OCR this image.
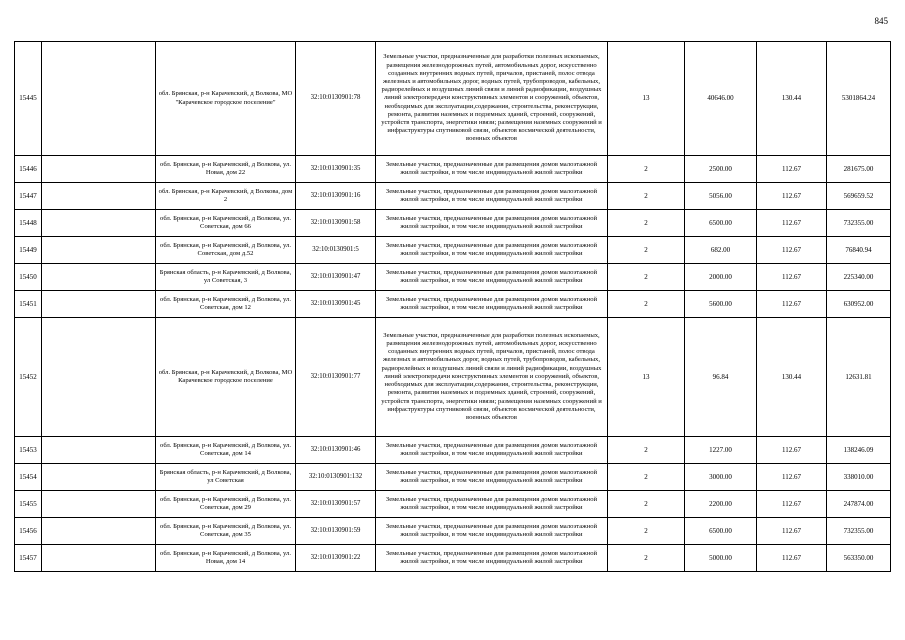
845
15445		обл. Брянская, р-н Карачевский, д Волкова, МО "Карачевское городское поселение"	32:10:0130901:78	Земельные участки, предназначенные для разработки полезных ископаемых, размещения железнодорожных путей, автомобильных дорог, искусственно созданных внутренних водных путей, причалов, пристаней, полос отвода железных и автомобильных дорог, водных путей, трубопроводов, кабельных, радиорелейных и воздушных линий связи и линий радиофикации, воздушных линий электропередачи конструктивных элементов и сооружений, объектов, необходимых для эксплуатации,содержания, строительства, реконструкции, ремонта, развития наземных и подземных зданий, строений, сооружений, устройств транспорта, энергетики нвязи; размещения наземных сооружений и инфраструктуры спутниковой связи, объектов космической деятельности, военных объектов	13	40646.00	130.44	5301864.24
15446		обл. Брянская, р-н Карачевский, д Волкова, ул. Новая, дом 22	32:10:0130901:35	Земельные участки, предназначенные для размещения домов малоэтажной жилой застройки, в том числе индивидуальной жилой застройки	2	2500.00	112.67	281675.00
15447		обл. Брянская, р-н Карачевский, д Волкова, дом 2	32:10:0130901:16	Земельные участки, предназначенные для размещения домов малоэтажной жилой застройки, в том числе индивидуальной жилой застройки	2	5056.00	112.67	569659.52
15448		обл. Брянская, р-н Карачевский, д Волкова, ул. Советская, дом 66	32:10:0130901:58	Земельные участки, предназначенные для размещения домов малоэтажной жилой застройки, в том числе индивидуальной жилой застройки	2	6500.00	112.67	732355.00
15449		обл. Брянская, р-н Карачевский, д Волкова, ул. Советская, дом д.52	32:10:0130901:5	Земельные участки, предназначенные для размещения домов малоэтажной жилой застройки, в том числе индивидуальной жилой застройки	2	682.00	112.67	76840.94
15450		Брянская область, р-н Карачевский, д Волкова, ул Советская, 3	32:10:0130901:47	Земельные участки, предназначенные для размещения домов малоэтажной жилой застройки, в том числе индивидуальной жилой застройки	2	2000.00	112.67	225340.00
15451		обл. Брянская, р-н Карачевский, д Волкова, ул. Советская, дом 12	32:10:0130901:45	Земельные участки, предназначенные для размещения домов малоэтажной жилой застройки, в том числе индивидуальной жилой застройки	2	5600.00	112.67	630952.00
15452		обл. Брянская, р-н Карачевский, д Волкова, МО Карачевское городское поселение	32:10:0130901:77	Земельные участки, предназначенные для разработки полезных ископаемых, размещения железнодорожных путей, автомобильных дорог, искусственно созданных внутренних водных путей, причалов, пристаней, полос отвода железных и автомобильных дорог, водных путей, трубопроводов, кабельных, радиорелейных и воздушных линий связи и линий радиофикации, воздушных линий электропередачи конструктивных элементов и сооружений, объектов, необходимых для эксплуатации,содержания, строительства, реконструкции, ремонта, развития наземных и подземных зданий, строений, сооружений, устройств транспорта, энергетики нвязи; размещения наземных сооружений и инфраструктуры спутниковой связи, объектов космической деятельности, военных объектов	13	96.84	130.44	12631.81
15453		обл. Брянская, р-н Карачевский, д Волкова, ул. Советская, дом 14	32:10:0130901:46	Земельные участки, предназначенные для размещения домов малоэтажной жилой застройки, в том числе индивидуальной жилой застройки	2	1227.00	112.67	138246.09
15454		Брянская область, р-н Карачевский, д Волкова, ул Советская	32:10:0130901:132	Земельные участки, предназначенные для размещения домов малоэтажной жилой застройки, в том числе индивидуальной жилой застройки	2	3000.00	112.67	338010.00
15455		обл. Брянская, р-н Карачевский, д Волкова, ул. Советская, дом 29	32:10:0130901:57	Земельные участки, предназначенные для размещения домов малоэтажной жилой застройки, в том числе индивидуальной жилой застройки	2	2200.00	112.67	247874.00
15456		обл. Брянская, р-н Карачевский, д Волкова, ул. Советская, дом 35	32:10:0130901:59	Земельные участки, предназначенные для размещения домов малоэтажной жилой застройки, в том числе индивидуальной жилой застройки	2	6500.00	112.67	732355.00
15457		обл. Брянская, р-н Карачевский, д Волкова, ул. Новая, дом 14	32:10:0130901:22	Земельные участки, предназначенные для размещения домов малоэтажной жилой застройки, в том числе индивидуальной жилой застройки	2	5000.00	112.67	563350.00
